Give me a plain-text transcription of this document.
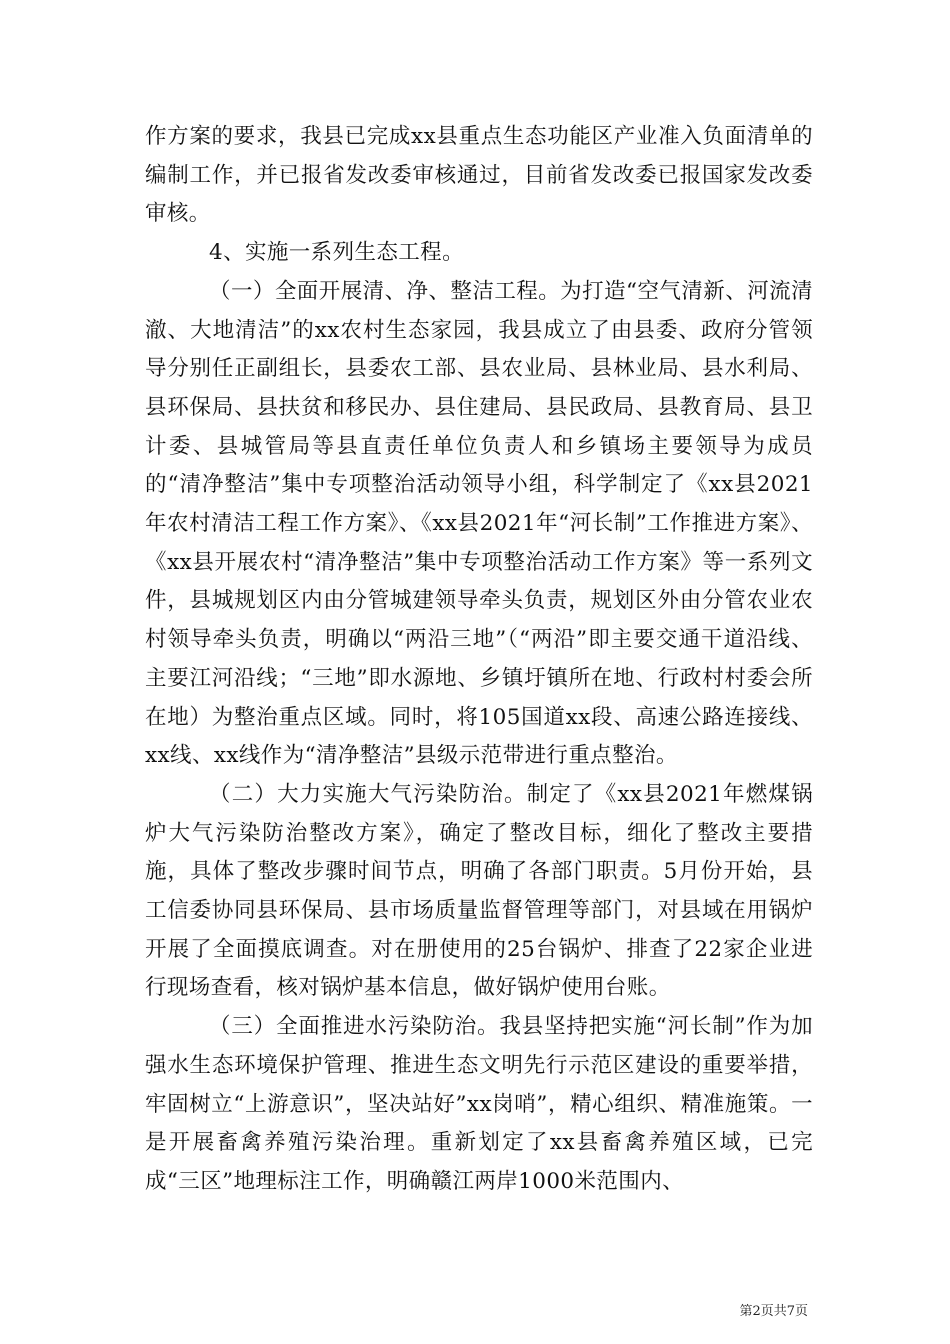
作方案的要求，我县已完成xx县重点生态功能区产业准入负面清单的编制工作，并已报省发改委审核通过，目前省发改委已报国家发改委审核。

4、实施一系列生态工程。

（一）全面开展清、净、整洁工程。为打造“空气清新、河流清澈、大地清洁”的xx农村生态家园，我县成立了由县委、政府分管领导分别任正副组长，县委农工部、县农业局、县林业局、县水利局、县环保局、县扶贫和移民办、县住建局、县民政局、县教育局、县卫计委、县城管局等县直责任单位负责人和乡镇场主要领导为成员的“清净整洁”集中专项整治活动领导小组，科学制定了《xx县2021年农村清洁工程工作方案》、《xx县2021年“河长制”工作推进方案》、《xx县开展农村“清净整洁”集中专项整治活动工作方案》等一系列文件，县城规划区内由分管城建领导牵头负责，规划区外由分管农业农村领导牵头负责，明确以“两沿三地”（“两沿”即主要交通干道沿线、主要江河沿线；“三地”即水源地、乡镇圩镇所在地、行政村村委会所在地）为整治重点区域。同时，将105国道xx段、高速公路连接线、xx线、xx线作为“清净整洁”县级示范带进行重点整治。

（二）大力实施大气污染防治。制定了《xx县2021年燃煤锅炉大气污染防治整改方案》，确定了整改目标，细化了整改主要措施，具体了整改步骤时间节点，明确了各部门职责。5月份开始，县工信委协同县环保局、县市场质量监督管理等部门，对县域在用锅炉开展了全面摸底调查。对在册使用的25台锅炉、排查了22家企业进行现场查看，核对锅炉基本信息，做好锅炉使用台账。

（三）全面推进水污染防治。我县坚持把实施“河长制”作为加强水生态环境保护管理、推进生态文明先行示范区建设的重要举措，牢固树立“上游意识”，坚决站好”xx岗哨”，精心组织、精准施策。一是开展畜禽养殖污染治理。重新划定了xx县畜禽养殖区域，已完成“三区”地理标注工作，明确赣江两岸1000米范围内、

第2页共7页
